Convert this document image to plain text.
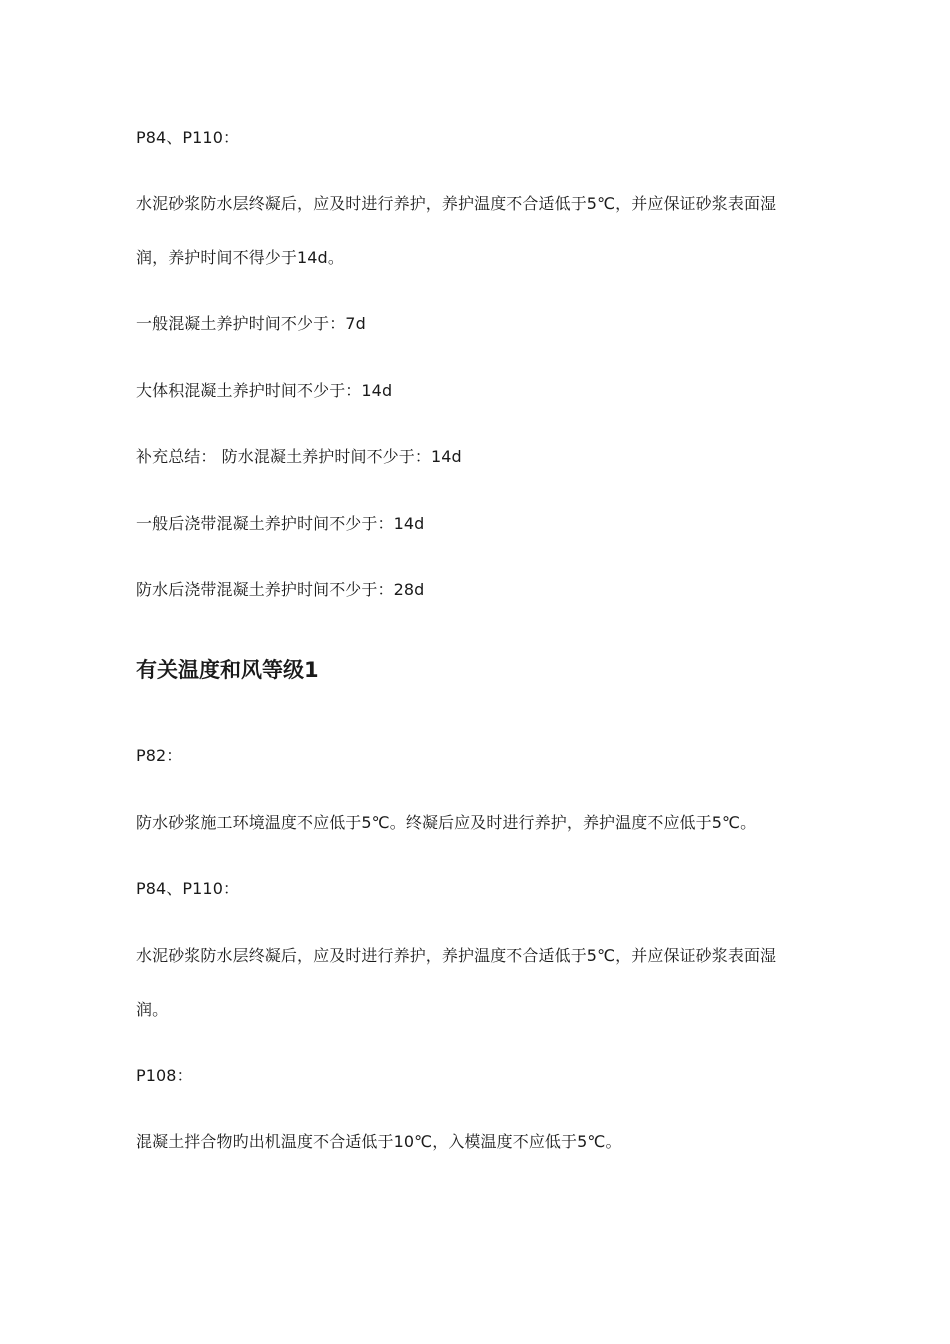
P84、P110：
水泥砂浆防水层终凝后，应及时进行养护，养护温度不合适低于5℃，并应保证砂浆表面湿
润，养护时间不得少于14d。
一般混凝土养护时间不少于：7d
大体积混凝土养护时间不少于：14d
补充总结： 防水混凝土养护时间不少于：14d
一般后浇带混凝土养护时间不少于：14d
防水后浇带混凝土养护时间不少于：28d
有关温度和风等级1
P82：
防水砂浆施工环境温度不应低于5℃。终凝后应及时进行养护，养护温度不应低于5℃。
P84、P110：
水泥砂浆防水层终凝后，应及时进行养护，养护温度不合适低于5℃，并应保证砂浆表面湿
润。
P108：
混凝土拌合物旳出机温度不合适低于10℃，入模温度不应低于5℃。
